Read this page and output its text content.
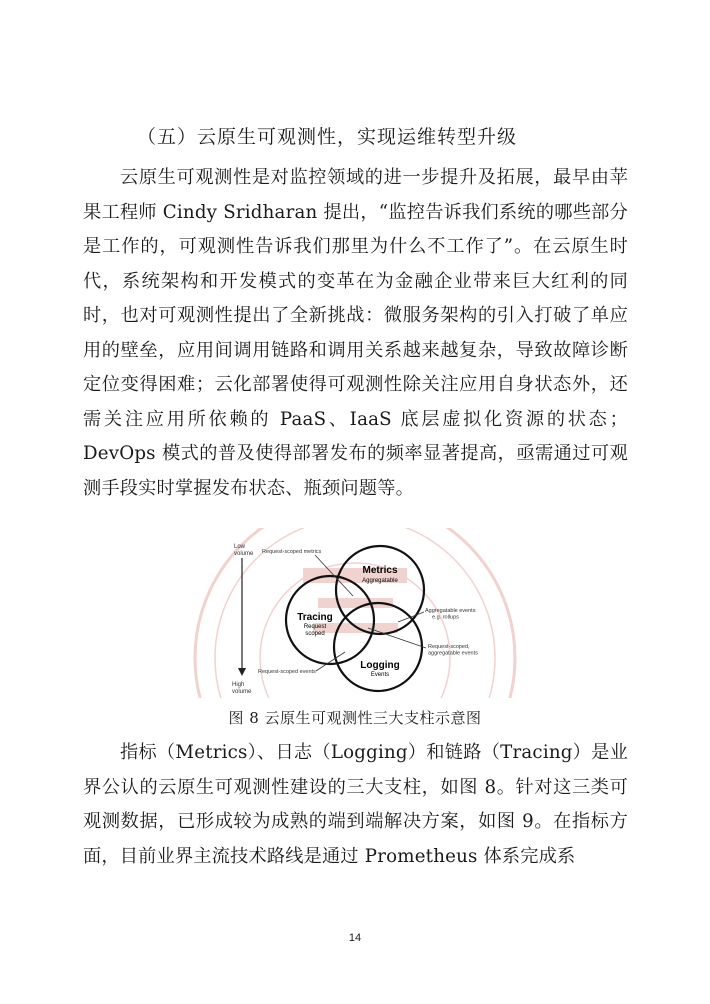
（五）云原生可观测性，实现运维转型升级

云原生可观测性是对监控领域的进一步提升及拓展，最早由苹果工程师 Cindy Sridharan 提出，“监控告诉我们系统的哪些部分是工作的，可观测性告诉我们那里为什么不工作了”。在云原生时代，系统架构和开发模式的变革在为金融企业带来巨大红利的同时，也对可观测性提出了全新挑战：微服务架构的引入打破了单应用的壁垒，应用间调用链路和调用关系越来越复杂，导致故障诊断定位变得困难；云化部署使得可观测性除关注应用自身状态外，还需关注应用所依赖的 PaaS、IaaS 底层虚拟化资源的状态；DevOps 模式的普及使得部署发布的频率显著提高，亟需通过可观测手段实时掌握发布状态、瓶颈问题等。

Low volume
High volume
Metrics
Aggregatable
Tracing
Request scoped
Logging
Events
Request-scoped metrics
Aggregatable events e.g. rollups
Request-scoped, aggregatable events
Request-scoped events
图 8 云原生可观测性三大支柱示意图

指标（Metrics）、日志（Logging）和链路（Tracing）是业界公认的云原生可观测性建设的三大支柱，如图 8。针对这三类可观测数据，已形成较为成熟的端到端解决方案，如图 9。在指标方面，目前业界主流技术路线是通过 Prometheus 体系完成系

14
